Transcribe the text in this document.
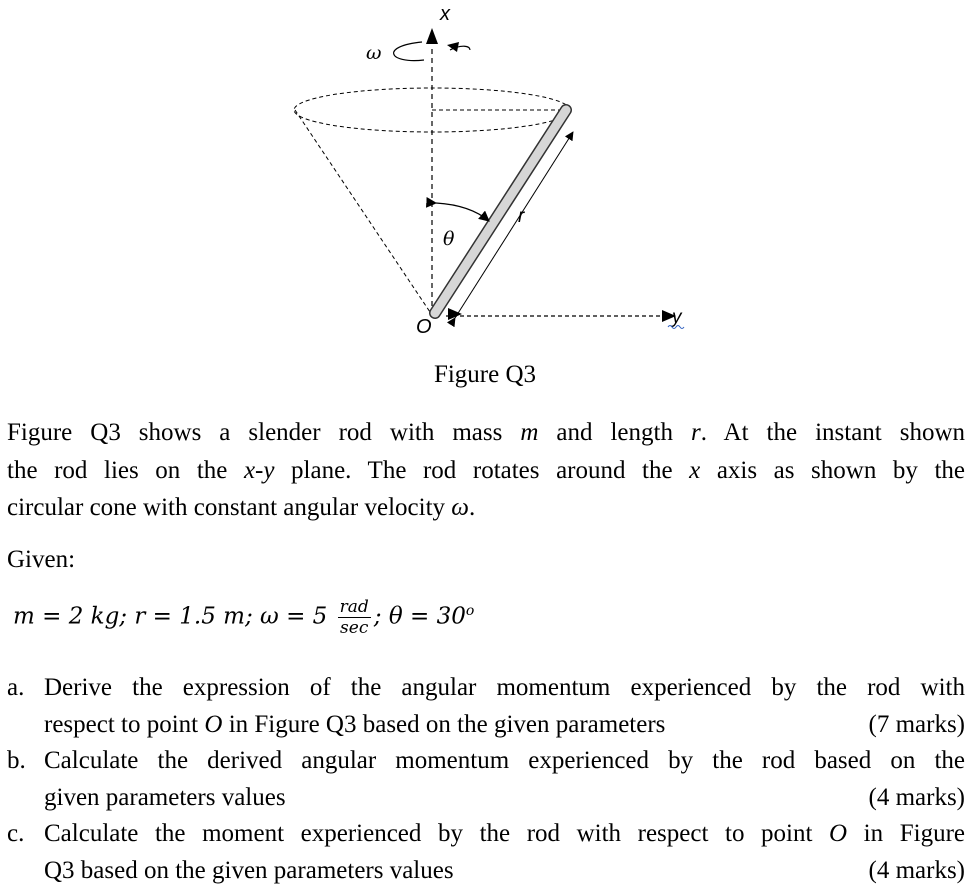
x
ω
r
θ
y
O
Figure Q3
Figure Q3 shows a slender rod with mass m and length r. At the instant shown
the rod lies on the x-y plane. The rod rotates around the x axis as shown by the
circular cone with constant angular velocity ω.
Given:
m = 2 kg; r = 1.5 m; $\omega = 5 \frac{\text{rad}}{\sec}$ ; $\theta = 30^o$
a. Derive the expression of the angular momentum experienced by the rod with
respect to point O in Figure Q3 based on the given parameters	(7 marks)
b. Calculate the derived angular momentum experienced by the rod based on the
given parameters values	(4 marks)
c. Calculate the moment experienced by the rod with respect to point O in Figure
Q3 based on the given parameters values	(4 marks)
